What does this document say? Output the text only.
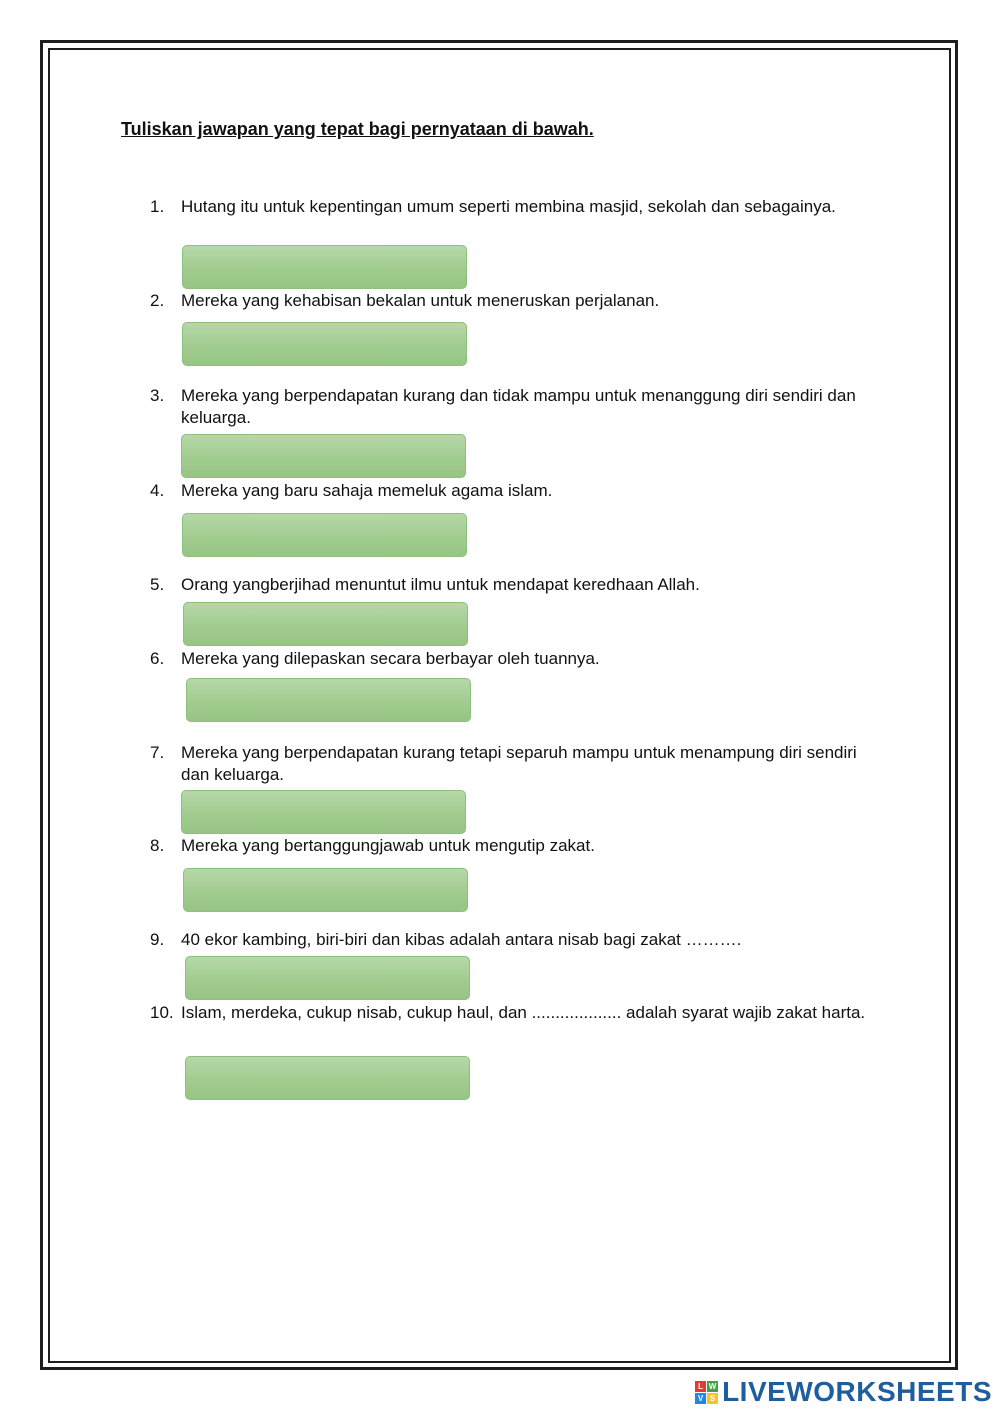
Tuliskan jawapan yang tepat bagi pernyataan di bawah.

1. Hutang itu untuk kepentingan umum seperti membina masjid, sekolah dan sebagainya.
2. Mereka yang kehabisan bekalan untuk meneruskan perjalanan.
3. Mereka yang berpendapatan kurang dan tidak mampu untuk menanggung diri sendiri dan keluarga.
4. Mereka yang baru sahaja memeluk agama islam.
5. Orang yangberjihad menuntut ilmu untuk mendapat keredhaan Allah.
6. Mereka yang dilepaskan secara berbayar oleh tuannya.
7. Mereka yang berpendapatan kurang tetapi separuh mampu untuk menampung diri sendiri dan keluarga.
8. Mereka yang bertanggungjawab untuk mengutip zakat.
9. 40 ekor kambing, biri-biri dan kibas adalah antara nisab bagi zakat ……….
10. Islam, merdeka, cukup nisab, cukup haul, dan ................... adalah syarat wajib zakat harta.
L W
V S LIVEWORKSHEETS
